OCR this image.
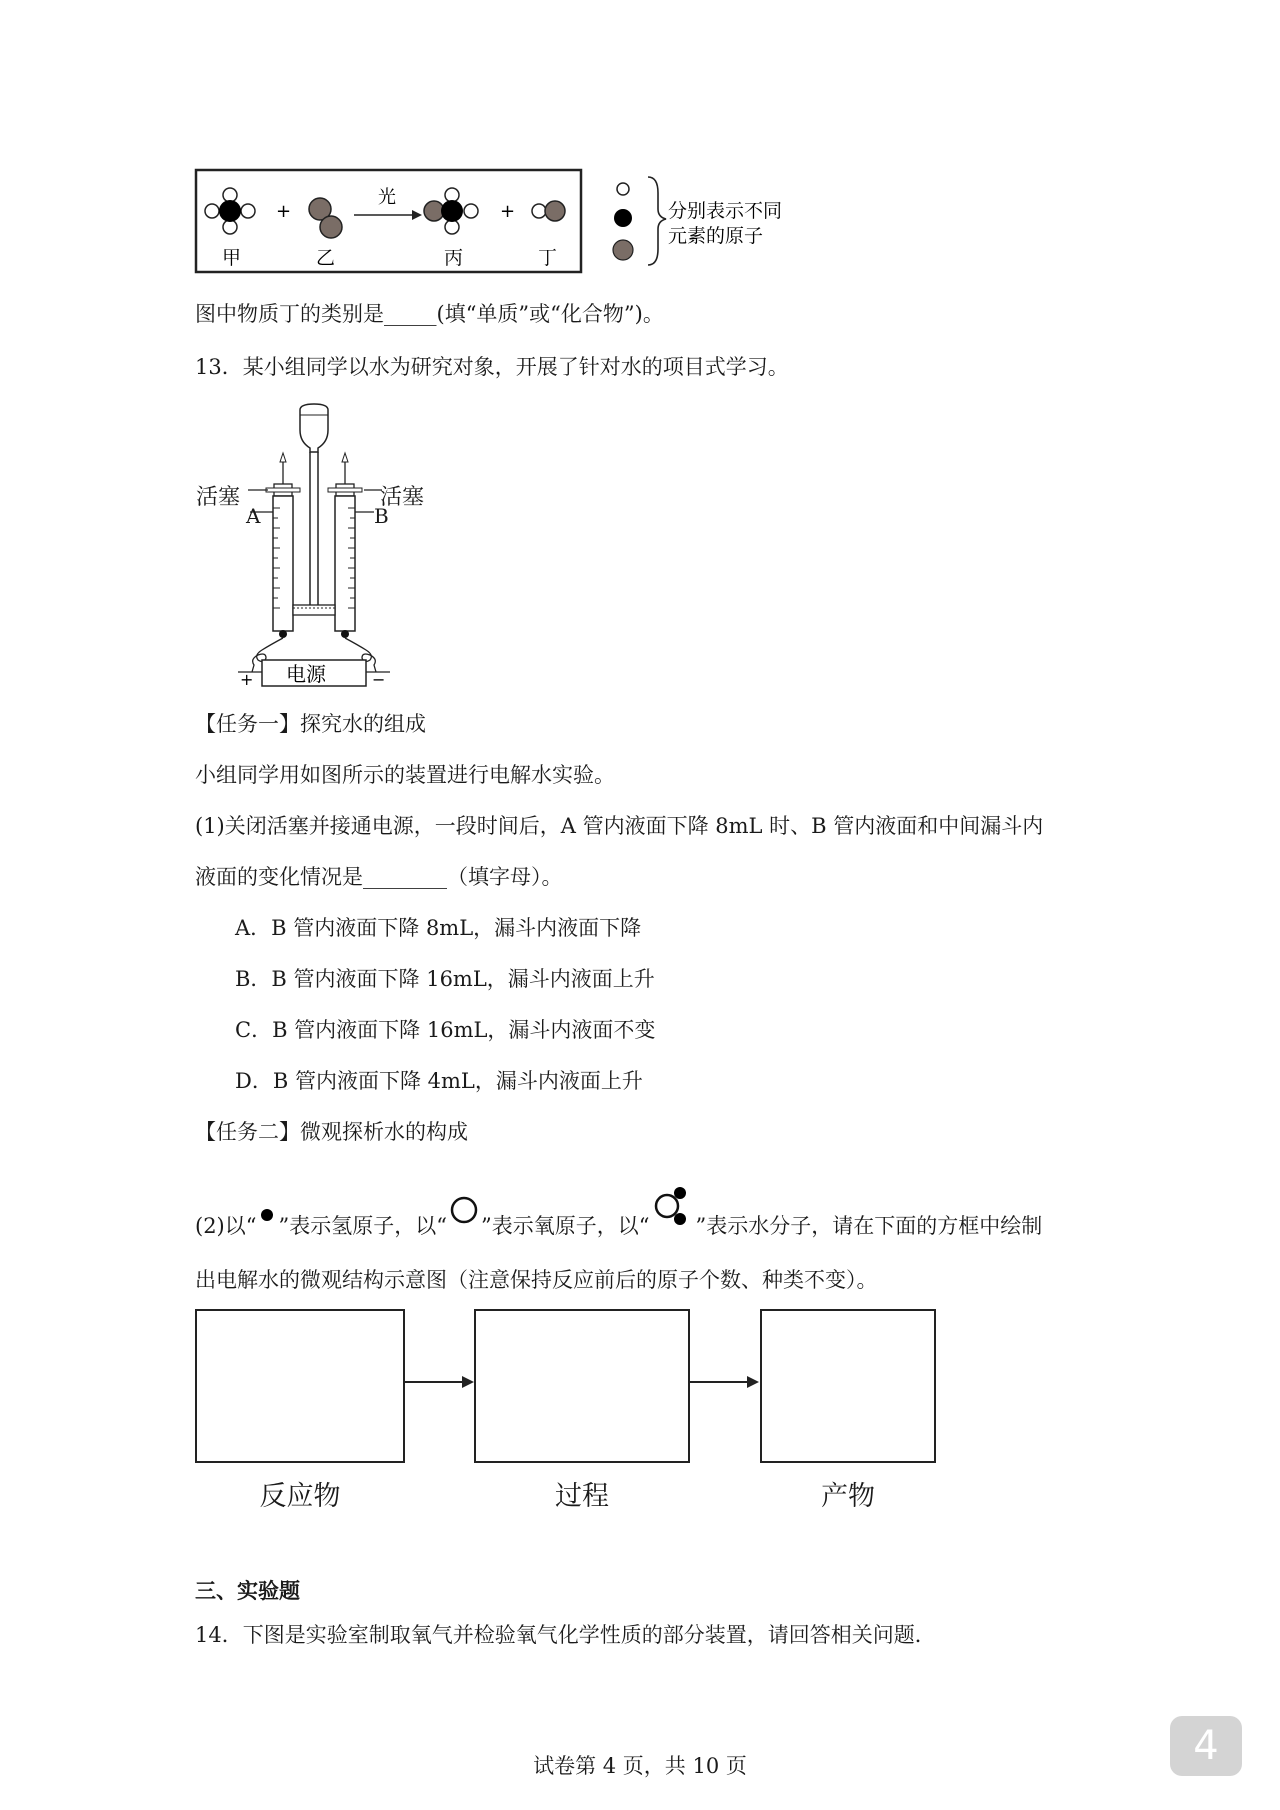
甲
+
乙
光
丙
+
丁
分别表示不同
元素的原子
图中物质丁的类别是_____(填“单质”或“化合物”)。
13．某小组同学以水为研究对象，开展了针对水的项目式学习。
电源
+	−
活塞	活塞
A	B
【任务一】探究水的组成
小组同学用如图所示的装置进行电解水实验。
(1)关闭活塞并接通电源，一段时间后，A 管内液面下降 8mL 时、B 管内液面和中间漏斗内
液面的变化情况是________（填字母）。
A．B 管内液面下降 8mL，漏斗内液面下降
B．B 管内液面下降 16mL，漏斗内液面上升
C．B 管内液面下降 16mL，漏斗内液面不变
D．B 管内液面下降 4mL，漏斗内液面上升
【任务二】微观探析水的构成
(2)以“ ”表示氢原子，以“ ”表示氧原子，以“ ”表示水分子，请在下面的方框中绘制
出电解水的微观结构示意图（注意保持反应前后的原子个数、种类不变）。
反应物	过程	产物
三、实验题
14．下图是实验室制取氧气并检验氧气化学性质的部分装置，请回答相关问题．
试卷第 4 页，共 10 页	4
